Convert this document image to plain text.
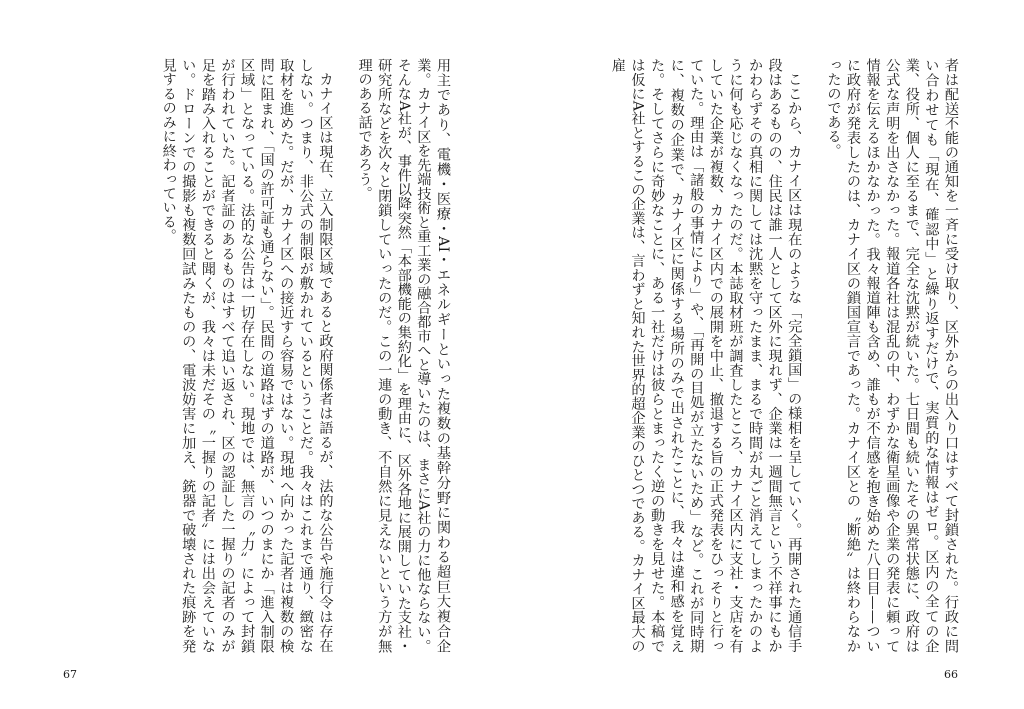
用主であり、電機・医療・AI・エネルギーといった複数の基幹分野に関わる超巨大複合企業。カナイ区を先端技術と重工業の融合都市へと導いたのは、まさにA社の力に他ならない。そんなA社が、事件以降突然「本部機能の集約化」を理由に、区外各地に展開していた支社・研究所などを次々と閉鎖していったのだ。この一連の動き、不自然に見えないという方が無理のある話であろう。

カナイ区は現在、立入制限区域であると政府関係者は語るが、法的な公告や施行令は存在しない。つまり、非公式の制限が敷かれているということだ。我々はこれまで通り、緻密な取材を進めた。だが、カナイ区への接近すら容易ではない。現地へ向かった記者は複数の検問に阻まれ、「国の許可証も通らない」。民間の道路はずの道路が、いつのまにか「進入制限区域」となっている。法的な公告は一切存在しない。現地では、無言の〝力〟によって封鎖が行われていた。記者証のあるものはすべて追い返され、区の認証した一握りの記者のみが足を踏み入れることができると聞くが、我々は未だその〝一握りの記者〟には出会えていない。ドローンでの撮影も複数回試みたものの、電波妨害に加え、銃器で破壊された痕跡を発見するのみに終わっている。

67

者は配送不能の通知を一斉に受け取り、区外からの出入り口はすべて封鎖された。行政に問い合わせても「現在、確認中」と繰り返すだけで、実質的な情報はゼロ。区内の全ての企業、役所、個人に至るまで、完全な沈黙が続いた。七日間も続いたその異常状態に、政府は公式な声明を出さなかった。報道各社は混乱の中、わずかな衛星画像や企業の発表に頼って情報を伝えるほかなかった。我々報道陣も含め、誰もが不信感を抱き始めた八日目——ついに政府が発表したのは、カナイ区の鎖国宣言であった。カナイ区との〝断絶〟は終わらなかったのである。

ここから、カナイ区は現在のような「完全鎖国」の様相を呈していく。再開された通信手段はあるものの、住民は誰一人として区外に現れず、企業は一週間無言という不祥事にもかかわらずその真相に関しては沈黙を守ったまま、まるで時間が丸ごと消えてしまったかのように何も応じなくなったのだ。本誌取材班が調査したところ、カナイ区内に支社・支店を有していた企業が複数、カナイ区内での展開を中止、撤退する旨の正式発表をひっそりと行っていた。理由は「諸般の事情により」や、「再開の目処が立たないため」など。これが同時期に、複数の企業で、カナイ区に関係する場所のみで出されたことに、我々は違和感を覚えた。そしてさらに奇妙なことに、ある一社だけは彼らとまったく逆の動きを見せた。本稿では仮にA社とするこの企業は、言わずと知れた世界的超企業のひとつである。カナイ区最大の雇

66
